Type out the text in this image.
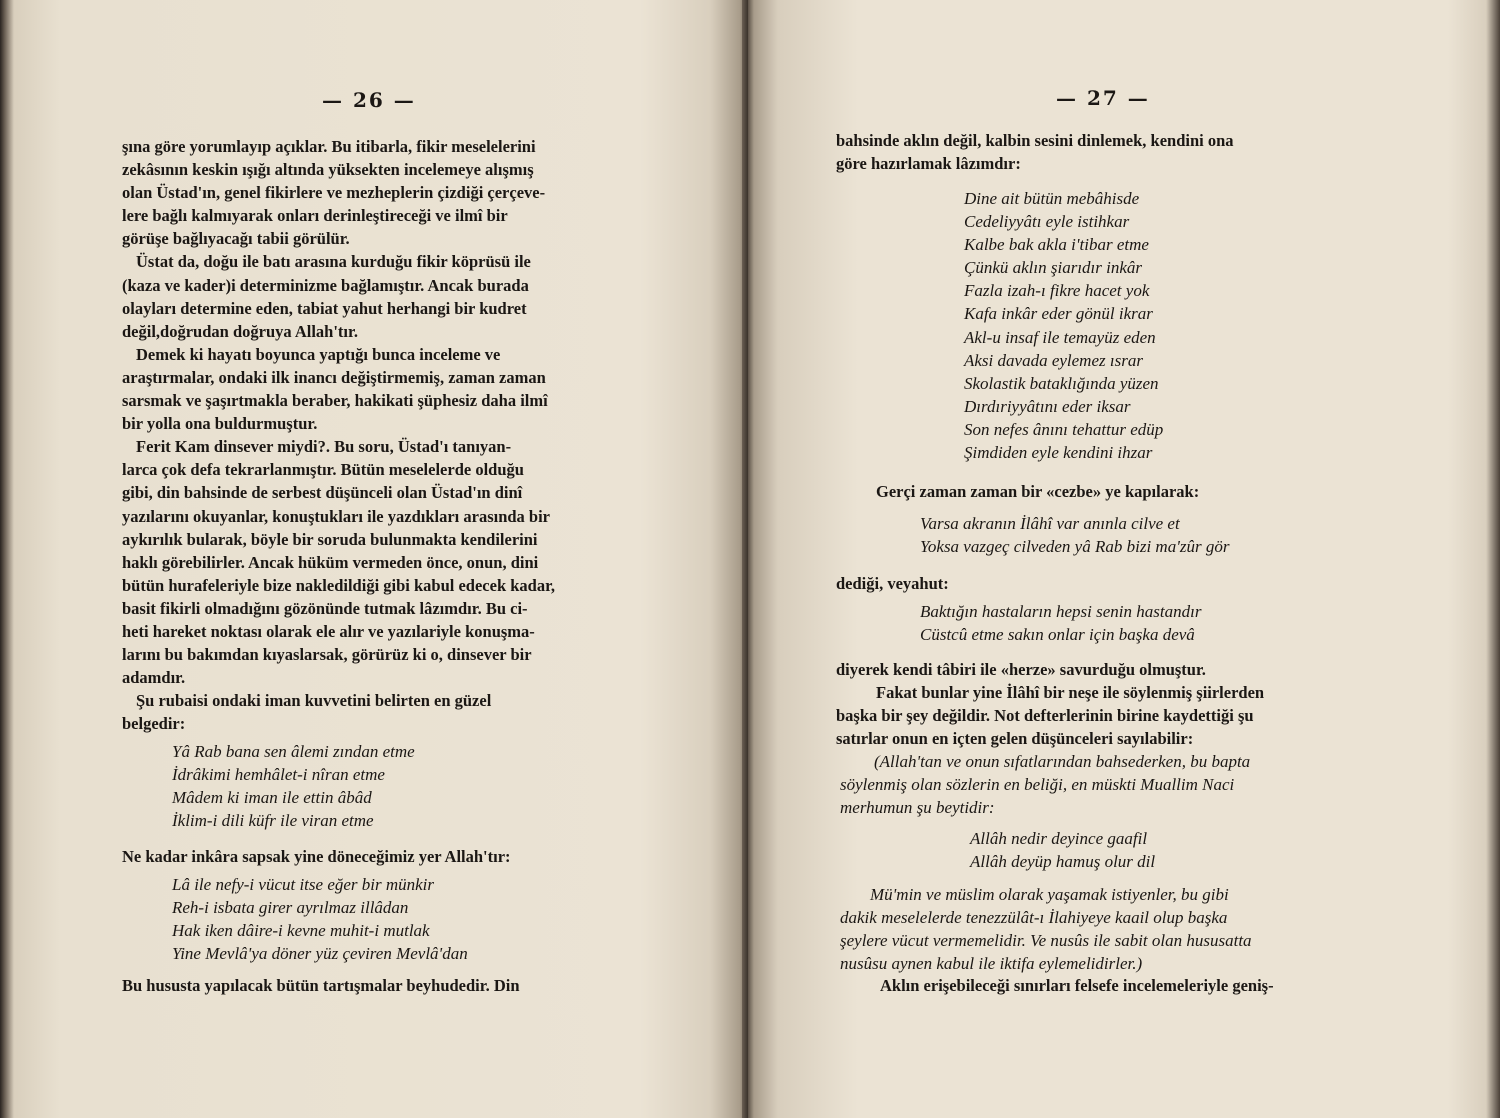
— 26 —
şına göre yorumlayıp açıklar. Bu itibarla, fikir meselelerini
zekâsının keskin ışığı altında yüksekten incelemeye alışmış
olan Üstad'ın, genel fikirlere ve mezheplerin çizdiği çerçeve-
lere bağlı kalmıyarak onları derinleştireceği ve ilmî bir
görüşe bağlıyacağı tabii görülür.
Üstat da, doğu ile batı arasına kurduğu fikir köprüsü ile
(kaza ve kader)i determinizme bağlamıştır. Ancak burada
olayları determine eden, tabiat yahut herhangi bir kudret
değil,doğrudan doğruya Allah'tır.
Demek ki hayatı boyunca yaptığı bunca inceleme ve
araştırmalar, ondaki ilk inancı değiştirmemiş, zaman zaman
sarsmak ve şaşırtmakla beraber, hakikati şüphesiz daha ilmî
bir yolla ona buldurmuştur.
Ferit Kam dinsever miydi?. Bu soru, Üstad'ı tanıyan-
larca çok defa tekrarlanmıştır. Bütün meselelerde olduğu
gibi, din bahsinde de serbest düşünceli olan Üstad'ın dinî
yazılarını okuyanlar, konuştukları ile yazdıkları arasında bir
aykırılık bularak, böyle bir soruda bulunmakta kendilerini
haklı görebilirler. Ancak hüküm vermeden önce, onun, dini
bütün hurafeleriyle bize nakledildiği gibi kabul edecek kadar,
basit fikirli olmadığını gözönünde tutmak lâzımdır. Bu ci-
heti hareket noktası olarak ele alır ve yazılariyle konuşma-
larını bu bakımdan kıyaslarsak, görürüz ki o, dinsever bir
adamdır.
Şu rubaisi ondaki iman kuvvetini belirten en güzel
belgedir:
Yâ Rab bana sen âlemi zından etme
İdrâkimi hemhâlet-i nîran etme
Mâdem ki iman ile ettin âbâd
İklim-i dili küfr ile viran etme
Ne kadar inkâra sapsak yine döneceğimiz yer Allah'tır:
Lâ ile nefy-i vücut itse eğer bir münkir
Reh-i isbata girer ayrılmaz illâdan
Hak iken dâire-i kevne muhit-i mutlak
Yine Mevlâ'ya döner yüz çeviren Mevlâ'dan
Bu hususta yapılacak bütün tartışmalar beyhudedir. Din
— 27 —
bahsinde aklın değil, kalbin sesini dinlemek, kendini ona
göre hazırlamak lâzımdır:
Dine ait bütün mebâhisde
Cedeliyyâtı eyle istihkar
Kalbe bak akla i'tibar etme
Çünkü aklın şiarıdır inkâr
Fazla izah-ı fikre hacet yok
Kafa inkâr eder gönül ikrar
Akl-u insaf ile temayüz eden
Aksi davada eylemez ısrar
Skolastik bataklığında yüzen
Dırdıriyyâtını eder iksar
Son nefes ânını tehattur edüp
Şimdiden eyle kendini ihzar
Gerçi zaman zaman bir «cezbe» ye kapılarak:
Varsa akranın İlâhî var anınla cilve et
Yoksa vazgeç cilveden yâ Rab bizi ma'zûr gör
dediği, veyahut:
Baktığın hastaların hepsi senin hastandır
Cüstcû etme sakın onlar için başka devâ
diyerek kendi tâbiri ile «herze» savurduğu olmuştur.
Fakat bunlar yine İlâhî bir neşe ile söylenmiş şiirlerden
başka bir şey değildir. Not defterlerinin birine kaydettiği şu
satırlar onun en içten gelen düşünceleri sayılabilir:
(Allah'tan ve onun sıfatlarından bahsederken, bu bapta
söylenmiş olan sözlerin en beliği, en müskti Muallim Naci
merhumun şu beytidir:
Allâh nedir deyince gaafil
Allâh deyüp hamuş olur dil
Mü'min ve müslim olarak yaşamak istiyenler, bu gibi
dakik meselelerde tenezzülât-ı İlahiyeye kaail olup başka
şeylere vücut vermemelidir. Ve nusûs ile sabit olan hususatta
nusûsu aynen kabul ile iktifa eylemelidirler.)
Aklın erişebileceği sınırları felsefe incelemeleriyle geniş-
